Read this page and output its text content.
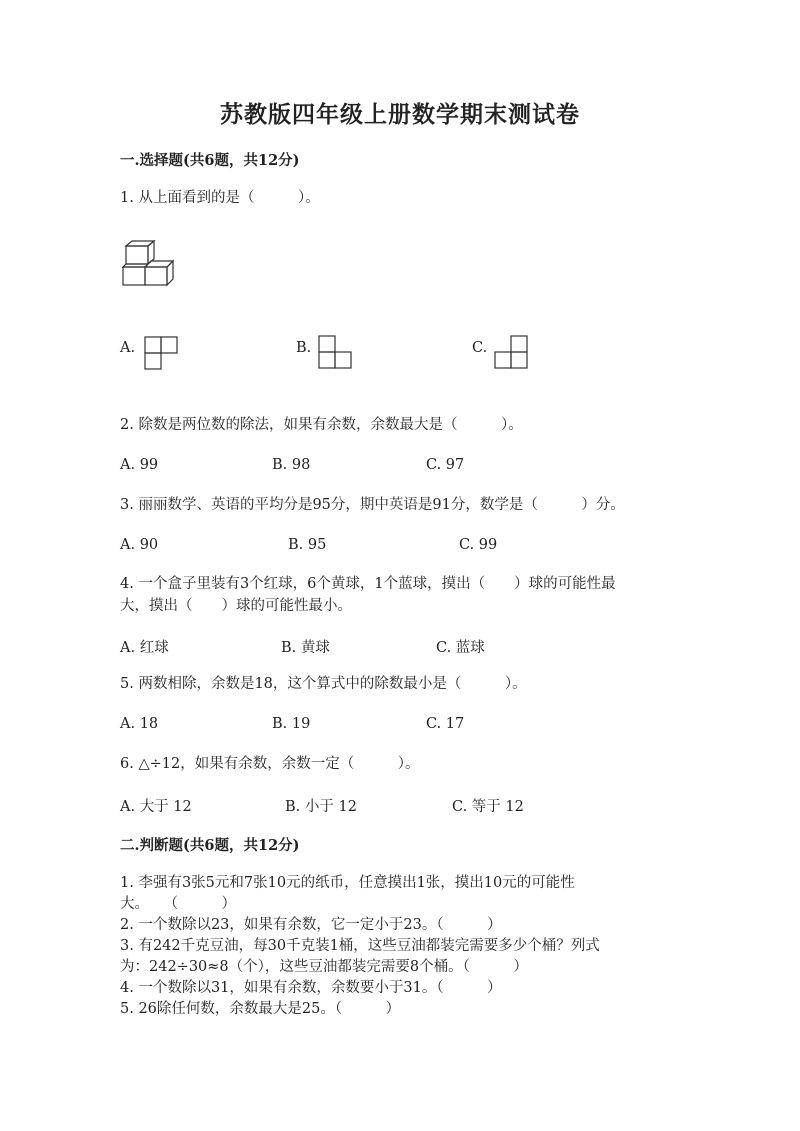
苏教版四年级上册数学期末测试卷
一.选择题(共6题，共12分)
1. 从上面看到的是（　　　）。
A.	B.	C.
2. 除数是两位数的除法，如果有余数，余数最大是（　　　）。
A. 99	B. 98	C. 97
3. 丽丽数学、英语的平均分是95分，期中英语是91分，数学是（　　　）分。
A. 90	B. 95	C. 99
4. 一个盒子里装有3个红球，6个黄球，1个蓝球，摸出（　　）球的可能性最
大，摸出（　　）球的可能性最小。
A. 红球	B. 黄球	C. 蓝球
5. 两数相除，余数是18，这个算式中的除数最小是（　　　）。
A. 18	B. 19	C. 17
6. △÷12，如果有余数，余数一定（　　　）。
A. 大于 12	B. 小于 12	C. 等于 12
二.判断题(共6题，共12分)
1. 李强有3张5元和7张10元的纸币，任意摸出1张，摸出10元的可能性
大。　　（　　　）
2. 一个数除以23，如果有余数，它一定小于23。（　　　）
3. 有242千克豆油，每30千克装1桶，这些豆油都装完需要多少个桶？列式
为：242÷30≈8（个），这些豆油都装完需要8个桶。（　　　）
4. 一个数除以31，如果有余数，余数要小于31。（　　　）
5. 26除任何数，余数最大是25。（　　　）
